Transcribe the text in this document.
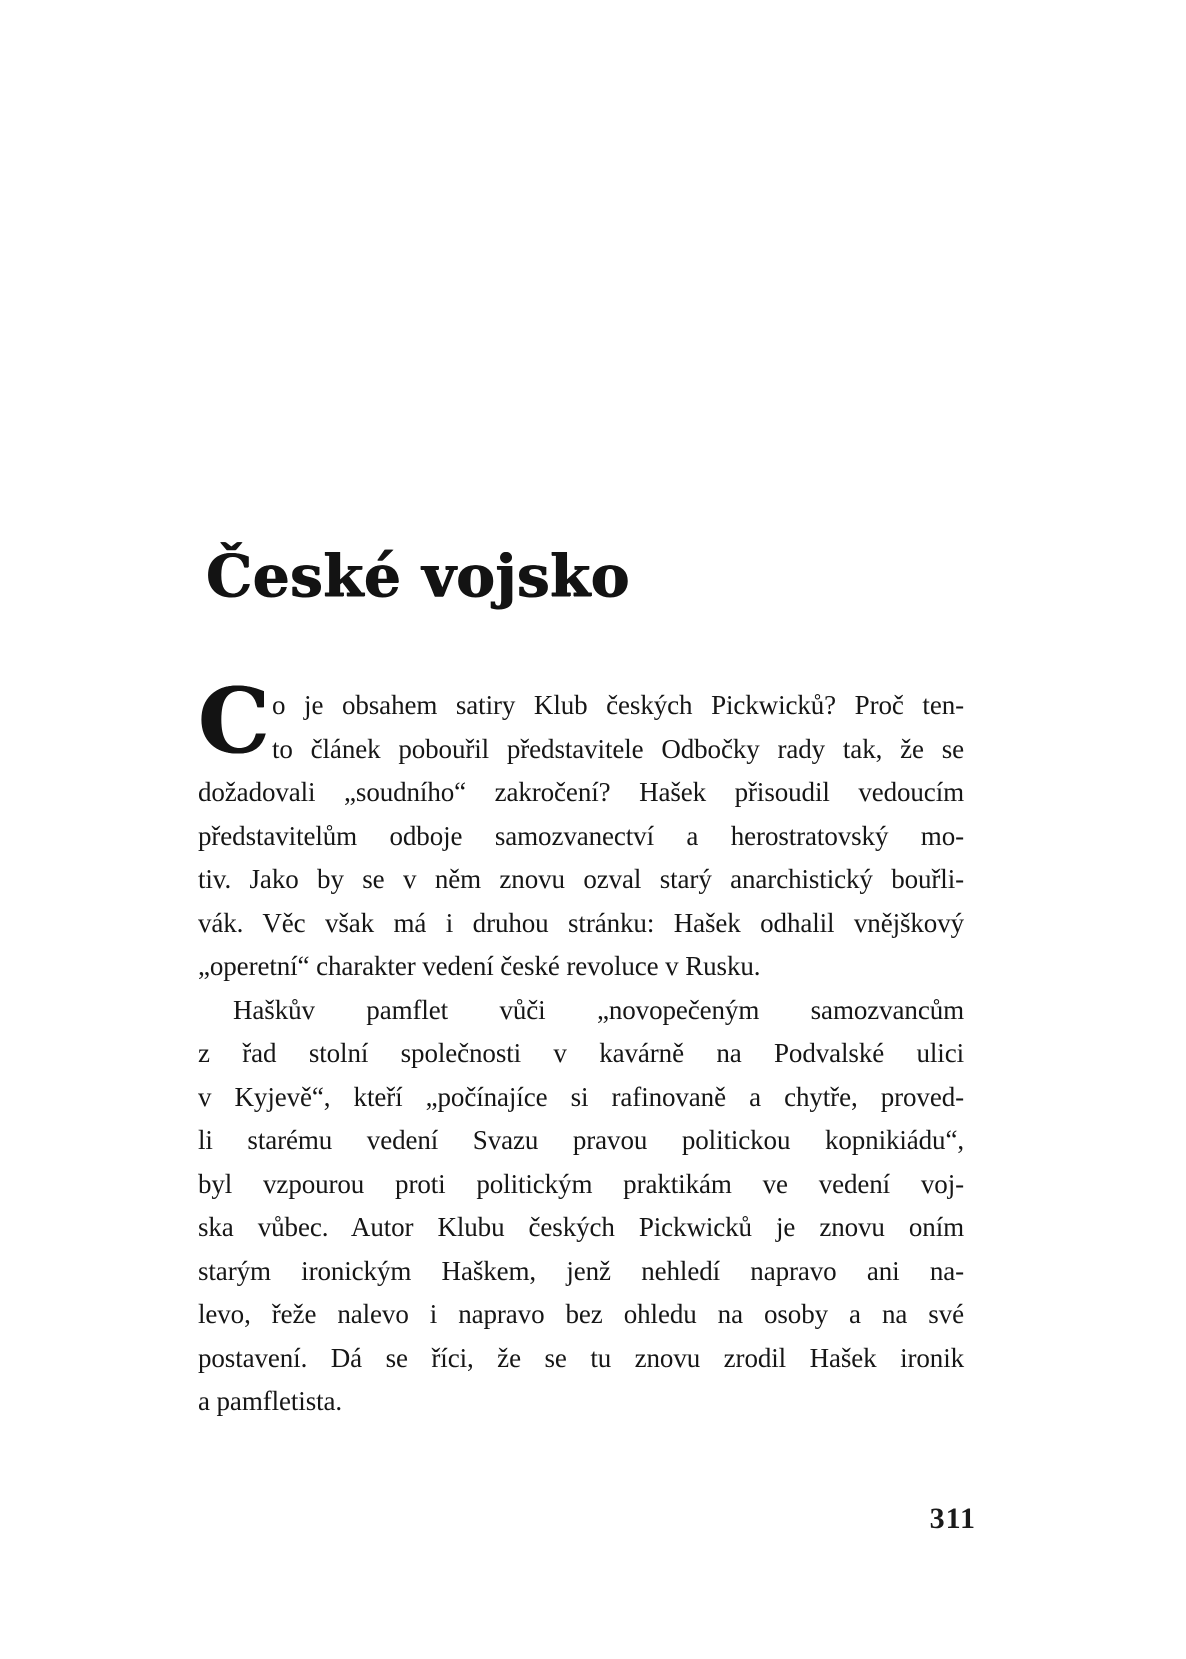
České vojsko
C o je obsahem satiry Klub českých Pickwicků? Proč ten-
to článek pobouřil představitele Odbočky rady tak, že se
dožadovali „soudního“ zakročení? Hašek přisoudil vedoucím
představitelům odboje samozvanectví a herostratovský mo-
tiv. Jako by se v něm znovu ozval starý anarchistický bouřli-
vák. Věc však má i druhou stránku: Hašek odhalil vnějškový
„operetní“ charakter vedení české revoluce v Rusku.
Haškův pamflet vůči „novopečeným samozvancům
z řad stolní společnosti v kavárně na Podvalské ulici
v Kyjevě“, kteří „počínajíce si rafinovaně a chytře, proved-
li starému vedení Svazu pravou politickou kopnikiádu“,
byl vzpourou proti politickým praktikám ve vedení voj-
ska vůbec. Autor Klubu českých Pickwicků je znovu oním
starým ironickým Haškem, jenž nehledí napravo ani na-
levo, řeže nalevo i napravo bez ohledu na osoby a na své
postavení. Dá se říci, že se tu znovu zrodil Hašek ironik
a pamfletista.
311
